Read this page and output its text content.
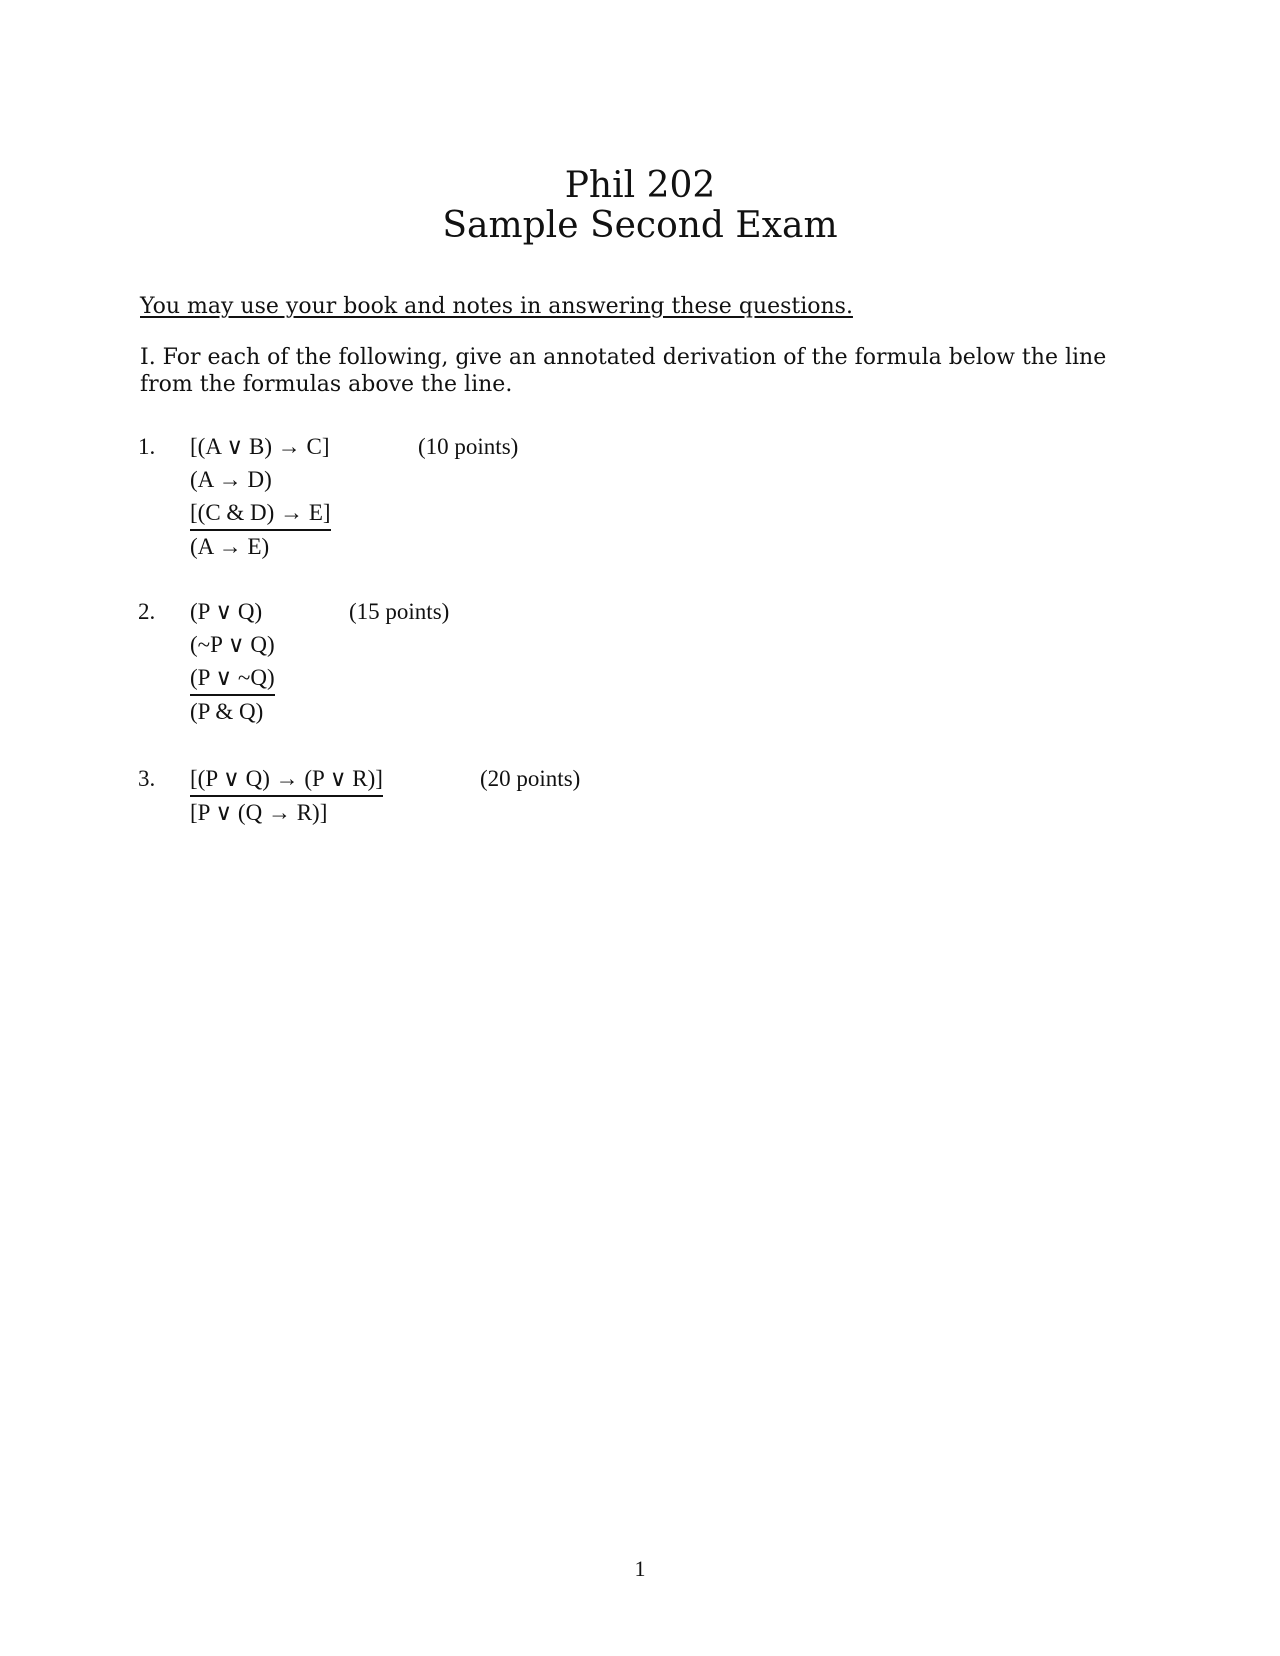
Phil 202
Sample Second Exam
You may use your book and notes in answering these questions.
I. For each of the following, give an annotated derivation of the formula below the line from the formulas above the line.
1. [(A ∨ B) → C]
(A → D)
[(C & D) → E]
(A → E)
(10 points)
2. (P ∨ Q)
(~P ∨ Q)
(P ∨ ~Q)
(P & Q)
(15 points)
3. [(P ∨ Q) → (P ∨ R)]
[P ∨ (Q → R)]
(20 points)
1
